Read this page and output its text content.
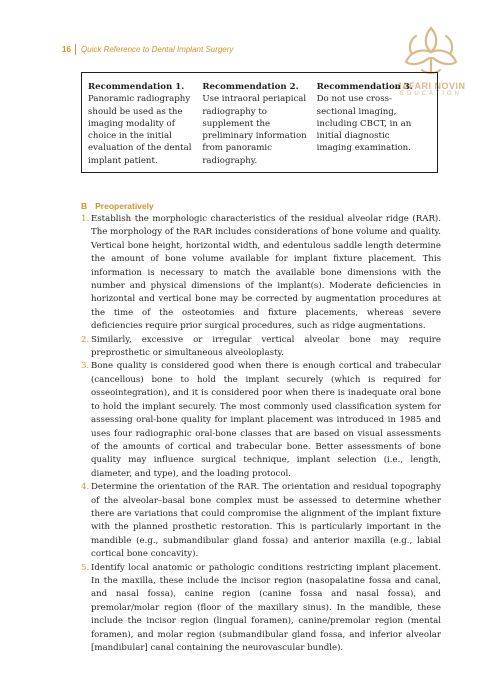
16 Quick Reference to Dental Implant Surgery
JAFARI NOVIN
EDUCATION
Recommendation 1.
Panoramic radiography should be used as the imaging modality of choice in the initial evaluation of the dental implant patient.
Recommendation 2.
Use intraoral periapical radiography to supplement the preliminary information from panoramic radiography.
Recommendation 3.
Do not use cross-sectional imaging, including CBCT, in an initial diagnostic imaging examination.
B Preoperatively
1. Establish the morphologic characteristics of the residual alveolar ridge (RAR). The morphology of the RAR includes considerations of bone volume and quality. Vertical bone height, horizontal width, and edentulous saddle length determine the amount of bone volume available for implant fixture placement. This information is necessary to match the available bone dimensions with the number and physical dimensions of the implant(s). Moderate deficiencies in horizontal and vertical bone may be corrected by augmentation procedures at the time of the osteotomies and fixture placements, whereas severe deficiencies require prior surgical procedures, such as ridge augmentations.
2. Similarly, excessive or irregular vertical alveolar bone may require preprosthetic or simultaneous alveoloplasty.
3. Bone quality is considered good when there is enough cortical and trabecular (cancellous) bone to hold the implant securely (which is required for osseointegration), and it is considered poor when there is inadequate oral bone to hold the implant securely. The most commonly used classification system for assessing oral-bone quality for implant placement was introduced in 1985 and uses four radiographic oral-bone classes that are based on visual assessments of the amounts of cortical and trabecular bone. Better assessments of bone quality may influence surgical technique, implant selection (i.e., length, diameter, and type), and the loading protocol.
4. Determine the orientation of the RAR. The orientation and residual topography of the alveolar–basal bone complex must be assessed to determine whether there are variations that could compromise the alignment of the implant fixture with the planned prosthetic restoration. This is particularly important in the mandible (e.g., submandibular gland fossa) and anterior maxilla (e.g., labial cortical bone concavity).
5. Identify local anatomic or pathologic conditions restricting implant placement. In the maxilla, these include the incisor region (nasopalatine fossa and canal, and nasal fossa), canine region (canine fossa and nasal fossa), and premolar/molar region (floor of the maxillary sinus). In the mandible, these include the incisor region (lingual foramen), canine/premolar region (mental foramen), and molar region (submandibular gland fossa, and inferior alveolar [mandibular] canal containing the neurovascular bundle).
